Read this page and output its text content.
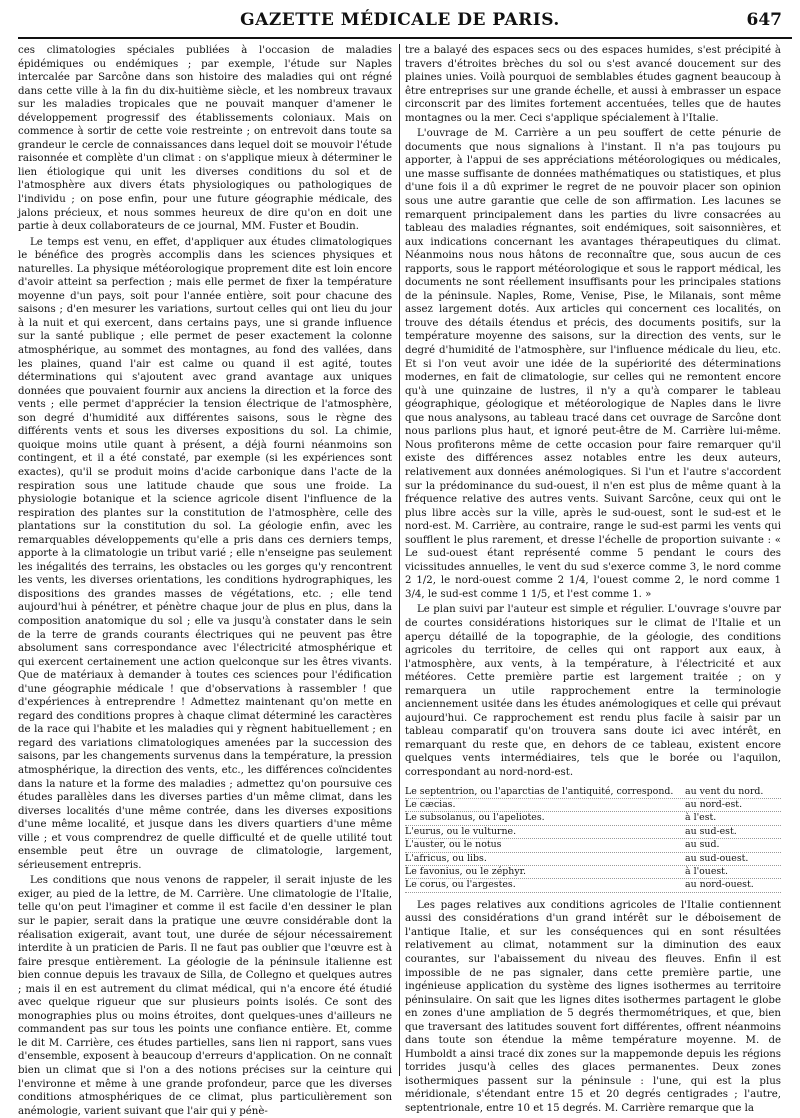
GAZETTE MÉDICALE DE PARIS.	647

ces climatologies spéciales publiées à l'occasion de maladies épidémiques ou endémiques ; par exemple, l'étude sur Naples intercalée par Sarcône dans son histoire des maladies qui ont régné dans cette ville à la fin du dix-huitième siècle, et les nombreux travaux sur les maladies tropicales que ne pouvait manquer d'amener le développement progressif des établissements coloniaux. Mais on commence à sortir de cette voie restreinte ; on entrevoit dans toute sa grandeur le cercle de connaissances dans lequel doit se mouvoir l'étude raisonnée et complète d'un climat : on s'applique mieux à déterminer le lien étiologique qui unit les diverses conditions du sol et de l'atmosphère aux divers états physiologiques ou pathologiques de l'individu ; on pose enfin, pour une future géographie médicale, des jalons précieux, et nous sommes heureux de dire qu'on en doit une partie à deux collaborateurs de ce journal, MM. Fuster et Boudin.

Le temps est venu, en effet, d'appliquer aux études climatologiques le bénéfice des progrès accomplis dans les sciences physiques et naturelles. La physique météorologique proprement dite est loin encore d'avoir atteint sa perfection ; mais elle permet de fixer la température moyenne d'un pays, soit pour l'année entière, soit pour chacune des saisons ; d'en mesurer les variations, surtout celles qui ont lieu du jour à la nuit et qui exercent, dans certains pays, une si grande influence sur la santé publique ; elle permet de peser exactement la colonne atmosphérique, au sommet des montagnes, au fond des vallées, dans les plaines, quand l'air est calme ou quand il est agité, toutes déterminations qui s'ajoutent avec grand avantage aux uniques données que pouvaient fournir aux anciens la direction et la force des vents ; elle permet d'apprécier la tension électrique de l'atmosphère, son degré d'humidité aux différentes saisons, sous le règne des différents vents et sous les diverses expositions du sol. La chimie, quoique moins utile quant à présent, a déjà fourni néanmoins son contingent, et il a été constaté, par exemple (si les expériences sont exactes), qu'il se produit moins d'acide carbonique dans l'acte de la respiration sous une latitude chaude que sous une froide. La physiologie botanique et la science agricole disent l'influence de la respiration des plantes sur la constitution de l'atmosphère, celle des plantations sur la constitution du sol. La géologie enfin, avec les remarquables développements qu'elle a pris dans ces derniers temps, apporte à la climatologie un tribut varié ; elle n'enseigne pas seulement les inégalités des terrains, les obstacles ou les gorges qu'y rencontrent les vents, les diverses orientations, les conditions hydrographiques, les dispositions des grandes masses de végétations, etc. ; elle tend aujourd'hui à pénétrer, et pénètre chaque jour de plus en plus, dans la composition anatomique du sol ; elle va jusqu'à constater dans le sein de la terre de grands courants électriques qui ne peuvent pas être absolument sans correspondance avec l'électricité atmosphérique et qui exercent certainement une action quelconque sur les êtres vivants. Que de matériaux à demander à toutes ces sciences pour l'édification d'une géographie médicale ! que d'observations à rassembler ! que d'expériences à entreprendre ! Admettez maintenant qu'on mette en regard des conditions propres à chaque climat déterminé les caractères de la race qui l'habite et les maladies qui y règnent habituellement ; en regard des variations climatologiques amenées par la succession des saisons, par les changements survenus dans la température, la pression atmosphérique, la direction des vents, etc., les différences coïncidentes dans la nature et la forme des maladies ; admettez qu'on poursuive ces études parallèles dans les diverses parties d'un même climat, dans les diverses localités d'une même contrée, dans les diverses expositions d'une même localité, et jusque dans les divers quartiers d'une même ville ; et vous comprendrez de quelle difficulté et de quelle utilité tout ensemble peut être un ouvrage de climatologie, largement, sérieusement entrepris.

Les conditions que nous venons de rappeler, il serait injuste de les exiger, au pied de la lettre, de M. Carrière. Une climatologie de l'Italie, telle qu'on peut l'imaginer et comme il est facile d'en dessiner le plan sur le papier, serait dans la pratique une œuvre considérable dont la réalisation exigerait, avant tout, une durée de séjour nécessairement interdite à un praticien de Paris. Il ne faut pas oublier que l'œuvre est à faire presque entièrement. La géologie de la péninsule italienne est bien connue depuis les travaux de Silla, de Collegno et quelques autres ; mais il en est autrement du climat médical, qui n'a encore été étudié avec quelque rigueur que sur plusieurs points isolés. Ce sont des monographies plus ou moins étroites, dont quelques-unes d'ailleurs ne commandent pas sur tous les points une confiance entière. Et, comme le dit M. Carrière, ces études partielles, sans lien ni rapport, sans vues d'ensemble, exposent à beaucoup d'erreurs d'application. On ne connaît bien un climat que si l'on a des notions précises sur la ceinture qui l'environne et même à une grande profondeur, parce que les diverses conditions atmosphériques de ce climat, plus particulièrement son anémologie, varient suivant que l'air qui y pénè-

tre a balayé des espaces secs ou des espaces humides, s'est précipité à travers d'étroites brèches du sol ou s'est avancé doucement sur des plaines unies. Voilà pourquoi de semblables études gagnent beaucoup à être entreprises sur une grande échelle, et aussi à embrasser un espace circonscrit par des limites fortement accentuées, telles que de hautes montagnes ou la mer. Ceci s'applique spécialement à l'Italie.

L'ouvrage de M. Carrière a un peu souffert de cette pénurie de documents que nous signalions à l'instant. Il n'a pas toujours pu apporter, à l'appui de ses appréciations météorologiques ou médicales, une masse suffisante de données mathématiques ou statistiques, et plus d'une fois il a dû exprimer le regret de ne pouvoir placer son opinion sous une autre garantie que celle de son affirmation. Les lacunes se remarquent principalement dans les parties du livre consacrées au tableau des maladies régnantes, soit endémiques, soit saisonnières, et aux indications concernant les avantages thérapeutiques du climat. Néanmoins nous nous hâtons de reconnaître que, sous aucun de ces rapports, sous le rapport météorologique et sous le rapport médical, les documents ne sont réellement insuffisants pour les principales stations de la péninsule. Naples, Rome, Venise, Pise, le Milanais, sont même assez largement dotés. Aux articles qui concernent ces localités, on trouve des détails étendus et précis, des documents positifs, sur la température moyenne des saisons, sur la direction des vents, sur le degré d'humidité de l'atmosphère, sur l'influence médicale du lieu, etc. Et si l'on veut avoir une idée de la supériorité des déterminations modernes, en fait de climatologie, sur celles qui ne remontent encore qu'à une quinzaine de lustres, il n'y a qu'à comparer le tableau géographique, géologique et météorologique de Naples dans le livre que nous analysons, au tableau tracé dans cet ouvrage de Sarcône dont nous parlions plus haut, et ignoré peut-être de M. Carrière lui-même. Nous profiterons même de cette occasion pour faire remarquer qu'il existe des différences assez notables entre les deux auteurs, relativement aux données anémologiques. Si l'un et l'autre s'accordent sur la prédominance du sud-ouest, il n'en est plus de même quant à la fréquence relative des autres vents. Suivant Sarcône, ceux qui ont le plus libre accès sur la ville, après le sud-ouest, sont le sud-est et le nord-est. M. Carrière, au contraire, range le sud-est parmi les vents qui soufflent le plus rarement, et dresse l'échelle de proportion suivante : « Le sud-ouest étant représenté comme 5 pendant le cours des vicissitudes annuelles, le vent du sud s'exerce comme 3, le nord comme 2 1/2, le nord-ouest comme 2 1/4, l'ouest comme 2, le nord comme 1 3/4, le sud-est comme 1 1/5, et l'est comme 1. »

Le plan suivi par l'auteur est simple et régulier. L'ouvrage s'ouvre par de courtes considérations historiques sur le climat de l'Italie et un aperçu détaillé de la topographie, de la géologie, des conditions agricoles du territoire, de celles qui ont rapport aux eaux, à l'atmosphère, aux vents, à la température, à l'électricité et aux météores. Cette première partie est largement traitée ; on y remarquera un utile rapprochement entre la terminologie anciennement usitée dans les études anémologiques et celle qui prévaut aujourd'hui. Ce rapprochement est rendu plus facile à saisir par un tableau comparatif qu'on trouvera sans doute ici avec intérêt, en remarquant du reste que, en dehors de ce tableau, existent encore quelques vents intermédiaires, tels que le borée ou l'aquilon, correspondant au nord-nord-est.

Le septentrion, ou l'aparctias de l'antiquité, correspond.	au vent du nord.
Le cæcias.	au nord-est.
Le subsolanus, ou l'apeliotes.	à l'est.
L'eurus, ou le vulturne.	au sud-est.
L'auster, ou le notus	au sud.
L'africus, ou libs.	au sud-ouest.
Le favonius, ou le zéphyr.	à l'ouest.
Le corus, ou l'argestes.	au nord-ouest.

Les pages relatives aux conditions agricoles de l'Italie contiennent aussi des considérations d'un grand intérêt sur le déboisement de l'antique Italie, et sur les conséquences qui en sont résultées relativement au climat, notamment sur la diminution des eaux courantes, sur l'abaissement du niveau des fleuves. Enfin il est impossible de ne pas signaler, dans cette première partie, une ingénieuse application du système des lignes isothermes au territoire péninsulaire. On sait que les lignes dites isothermes partagent le globe en zones d'une ampliation de 5 degrés thermométriques, et que, bien que traversant des latitudes souvent fort différentes, offrent néanmoins dans toute son étendue la même température moyenne. M. de Humboldt a ainsi tracé dix zones sur la mappemonde depuis les régions torrides jusqu'à celles des glaces permanentes. Deux zones isothermiques passent sur la péninsule : l'une, qui est la plus méridionale, s'étendant entre 15 et 20 degrés centigrades ; l'autre, septentrionale, entre 10 et 15 degrés. M. Carrière remarque que la
